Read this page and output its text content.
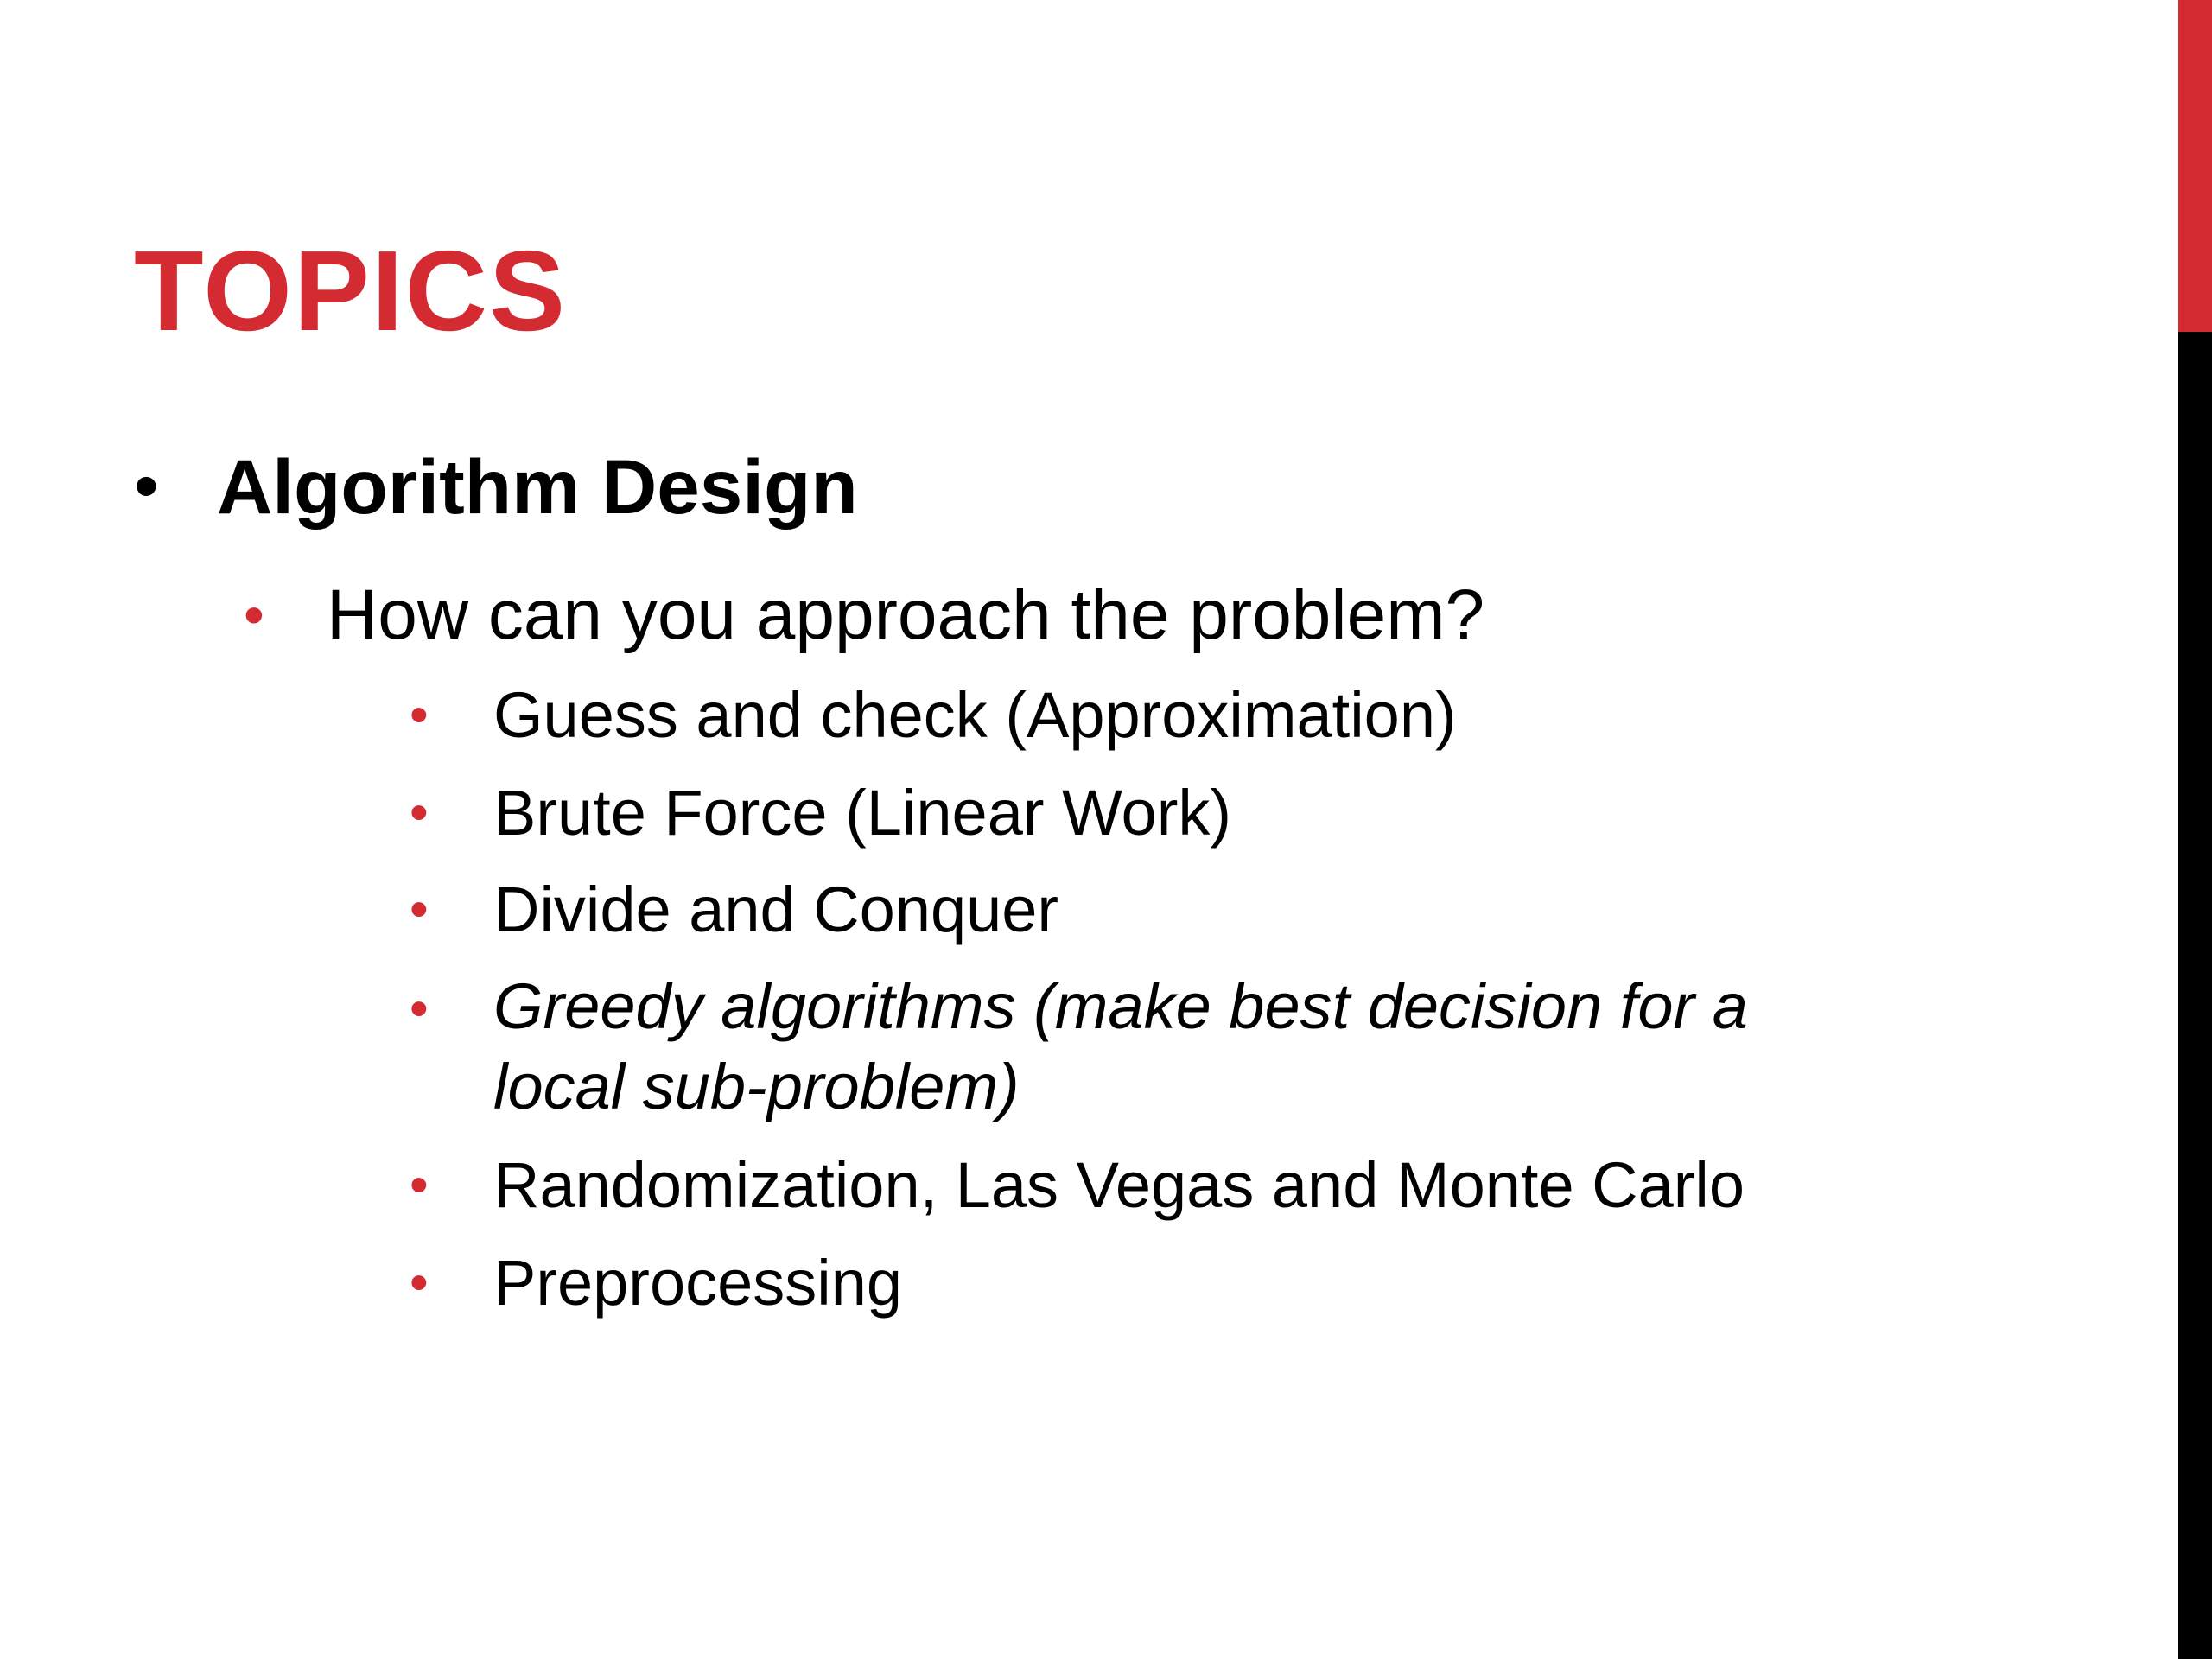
TOPICS
• Algorithm Design
• How can you approach the problem?
• Guess and check (Approximation)
• Brute Force (Linear Work)
• Divide and Conquer
• Greedy algorithms (make best decision for a local sub-problem)
• Randomization, Las Vegas and Monte Carlo
• Preprocessing
